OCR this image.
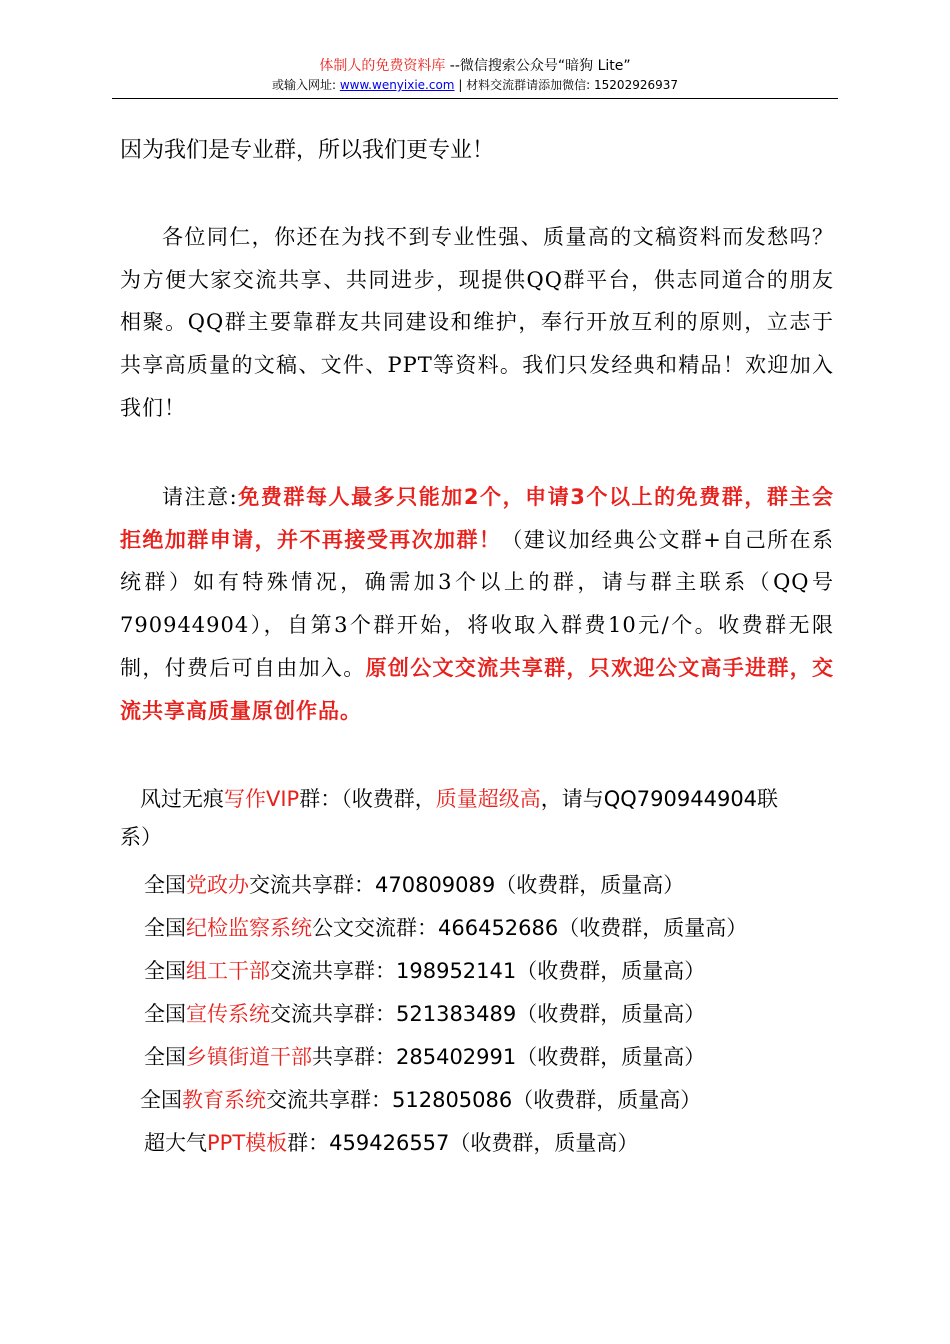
体制人的免费资料库 --微信搜索公众号“暗狗 Lite”
或输入网址: www.wenyixie.com | 材料交流群请添加微信: 15202926937
因为我们是专业群，所以我们更专业！
各位同仁，你还在为找不到专业性强、质量高的文稿资料而发愁吗？为方便大家交流共享、共同进步，现提供QQ群平台，供志同道合的朋友相聚。QQ群主要靠群友共同建设和维护，奉行开放互利的原则，立志于共享高质量的文稿、文件、PPT等资料。我们只发经典和精品！欢迎加入我们！
请注意:免费群每人最多只能加2个，申请3个以上的免费群，群主会拒绝加群申请，并不再接受再次加群！（建议加经典公文群+自己所在系统群）如有特殊情况，确需加3个以上的群，请与群主联系（QQ号790944904），自第3个群开始，将收取入群费10元/个。收费群无限制，付费后可自由加入。原创公文交流共享群，只欢迎公文高手进群，交流共享高质量原创作品。
风过无痕写作VIP群：（收费群，质量超级高，请与QQ790944904联
系）
全国党政办交流共享群：470809089（收费群，质量高）
全国纪检监察系统公文交流群：466452686（收费群，质量高）
全国组工干部交流共享群：198952141（收费群，质量高）
全国宣传系统交流共享群：521383489（收费群，质量高）
全国乡镇街道干部共享群：285402991（收费群，质量高）
全国教育系统交流共享群：512805086（收费群，质量高）
超大气PPT模板群：459426557（收费群，质量高）
